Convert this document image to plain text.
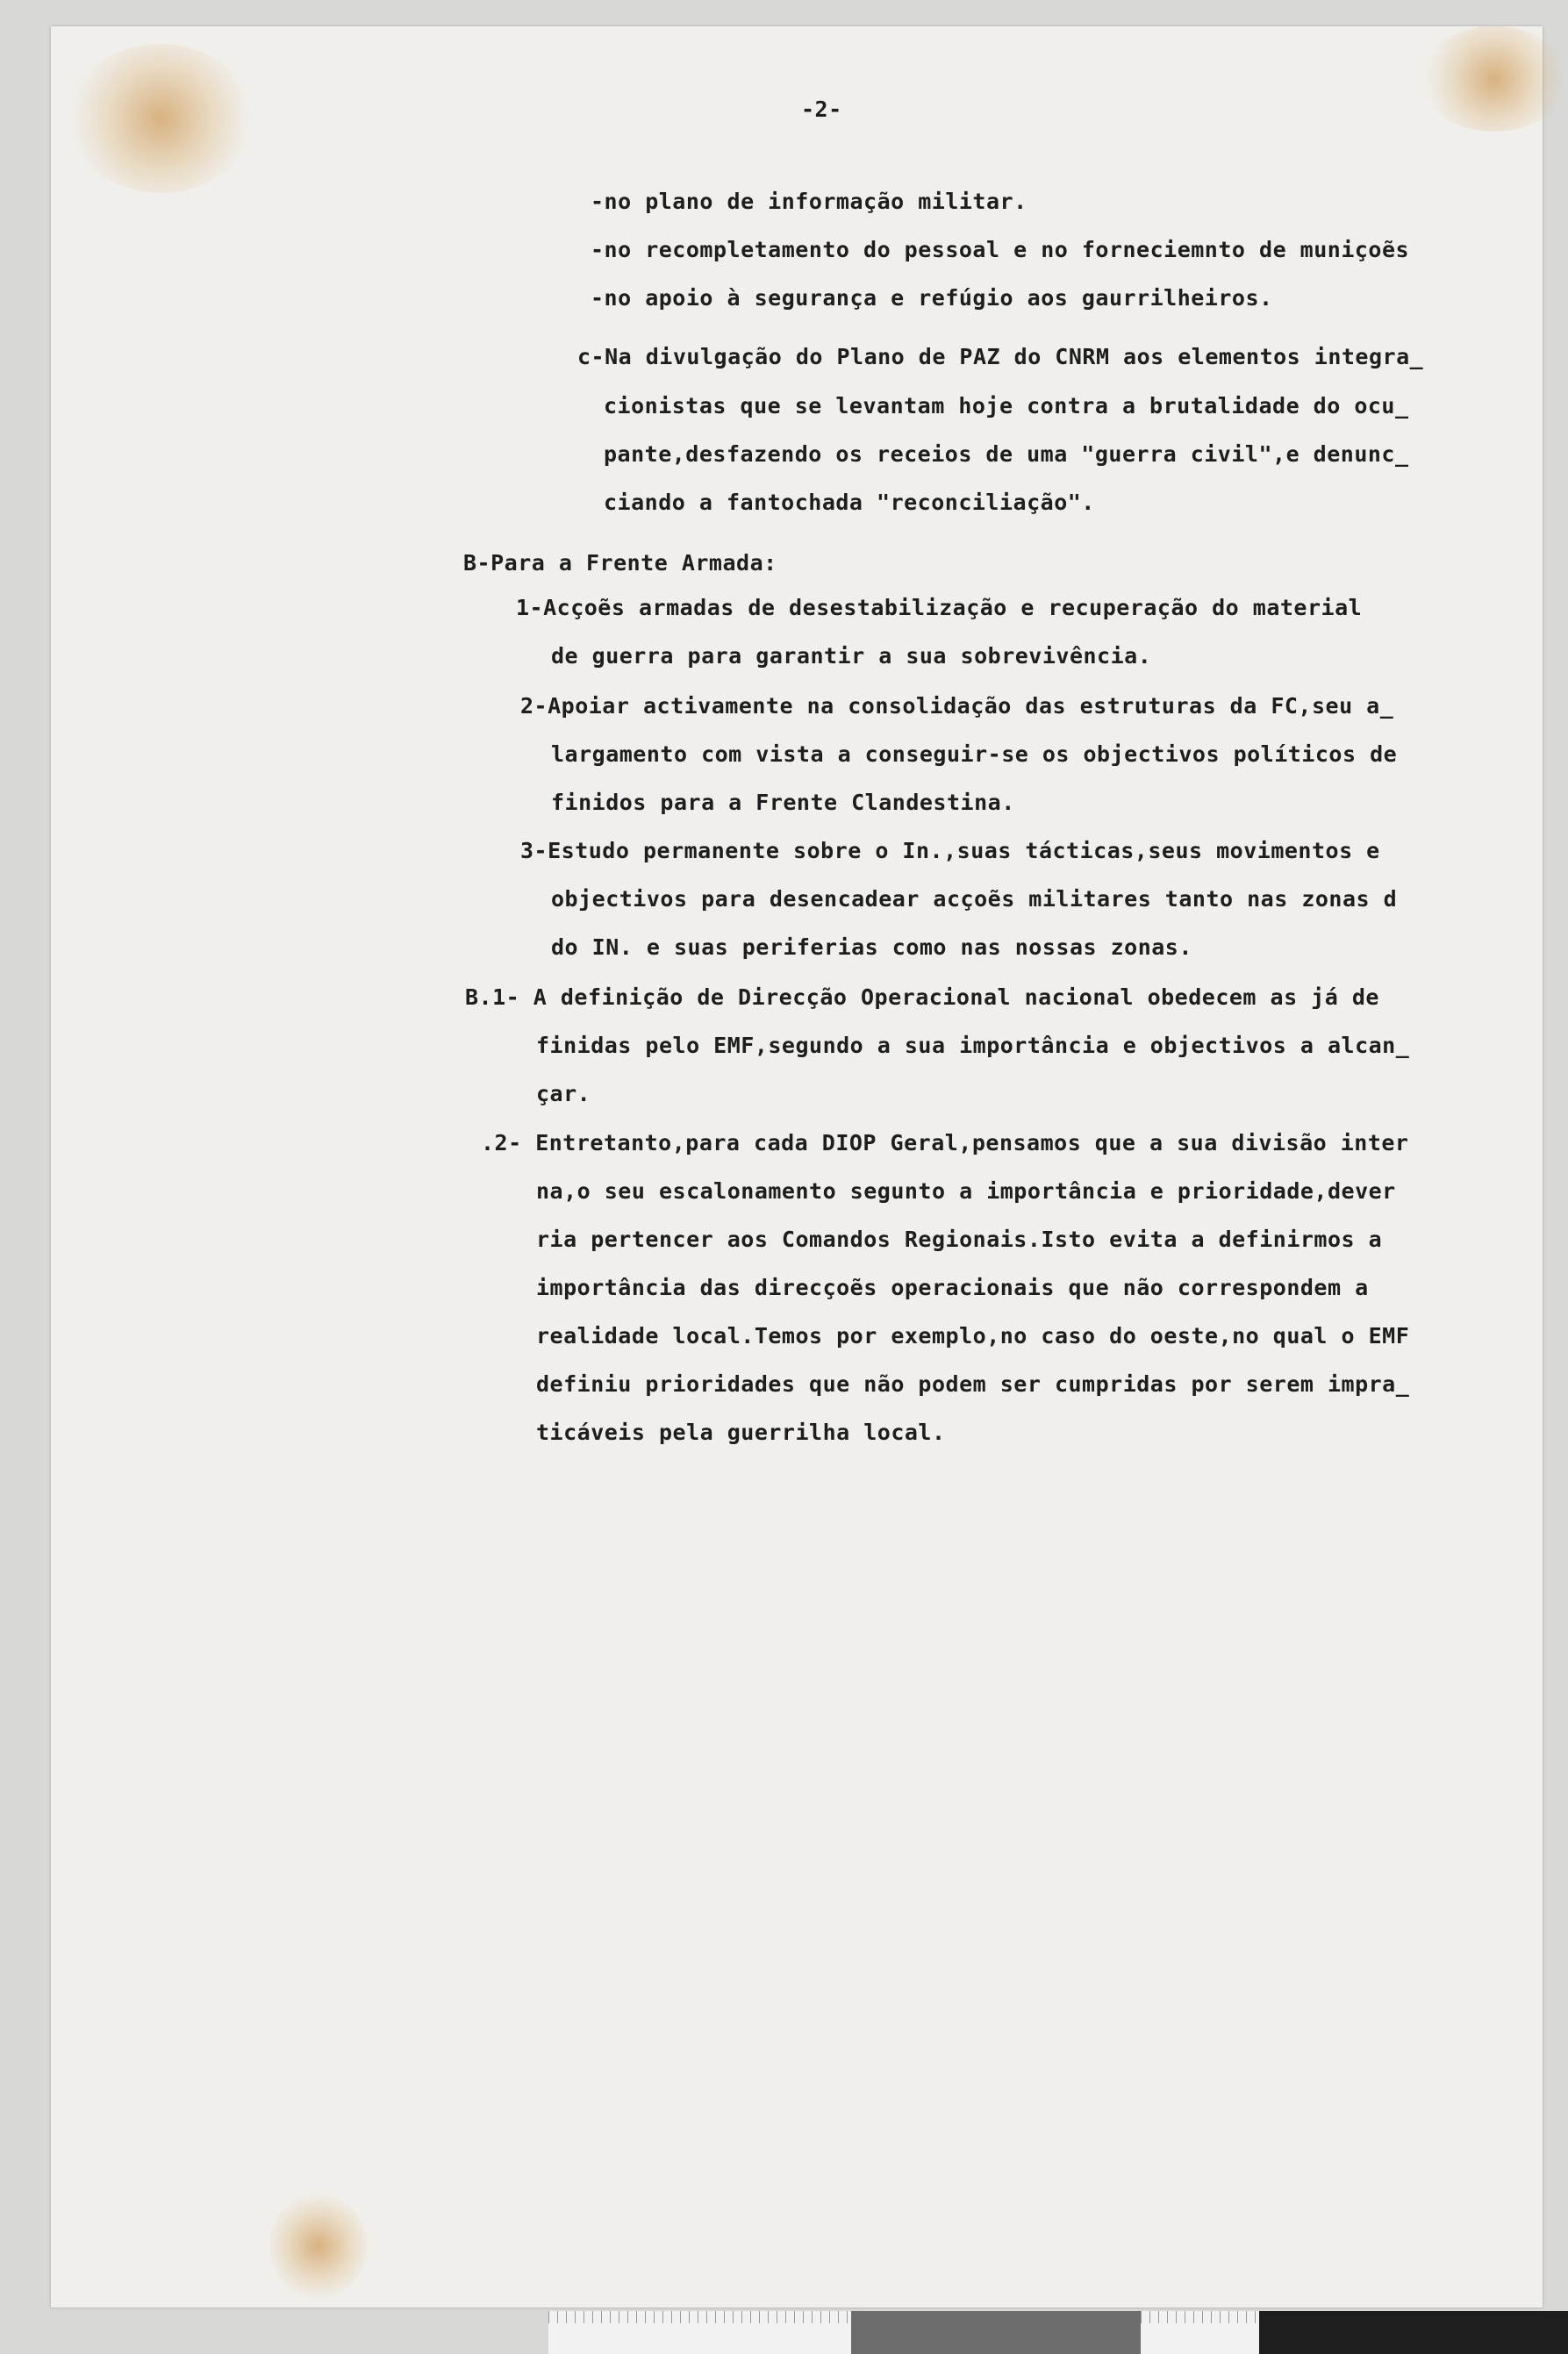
-2-

-no plano de informação militar.

-no recompletamento do pessoal e no forneciemnto de muniçoẽs

-no apoio à segurança e refúgio aos gaurrilheiros.

c-Na divulgação do Plano de PAZ do CNRM aos elementos integra_

cionistas que se levantam hoje contra a brutalidade do ocu_

pante,desfazendo os receios de uma "guerra civil",e denunc_

ciando a fantochada "reconciliação".

B-Para a Frente Armada:

1-Acçoẽs armadas de desestabilização e recuperação do material

de guerra para garantir a sua sobrevivência.

2-Apoiar activamente na consolidação das estruturas da FC,seu a_

largamento com vista a conseguir-se os objectivos políticos de

finidos para a Frente Clandestina.

3-Estudo permanente sobre o In.,suas tácticas,seus movimentos e

objectivos para desencadear acçoẽs militares tanto nas zonas d

do IN. e suas periferias como nas nossas zonas.

B.1- A definição de Direcção Operacional nacional obedecem as já de

finidas pelo EMF,segundo a sua importância e objectivos a alcan_

çar.

.2- Entretanto,para cada DIOP Geral,pensamos que a sua divisão inter

na,o seu escalonamento segunto a importância e prioridade,dever

ria pertencer aos Comandos Regionais.Isto evita a definirmos a

importância das direcçoẽs operacionais que não correspondem a

realidade local.Temos por exemplo,no caso do oeste,no qual o EMF

definiu prioridades que não podem ser cumpridas por serem impra_

ticáveis pela guerrilha local.
